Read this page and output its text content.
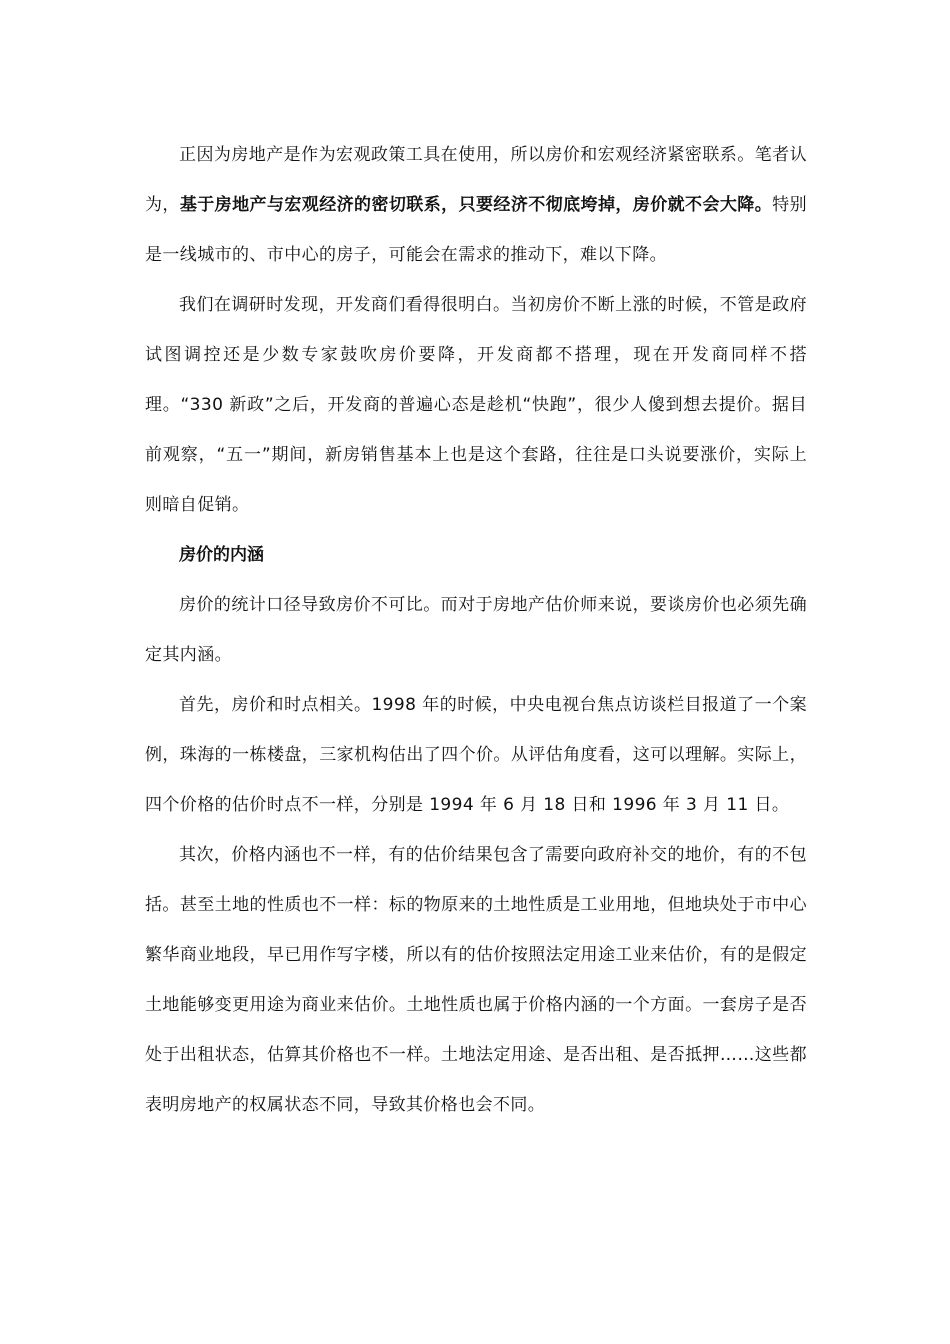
正因为房地产是作为宏观政策工具在使用，所以房价和宏观经济紧密联系。笔者认为，基于房地产与宏观经济的密切联系，只要经济不彻底垮掉，房价就不会大降。特别是一线城市的、市中心的房子，可能会在需求的推动下，难以下降。

我们在调研时发现，开发商们看得很明白。当初房价不断上涨的时候，不管是政府试图调控还是少数专家鼓吹房价要降，开发商都不搭理，现在开发商同样不搭理。“330 新政”之后，开发商的普遍心态是趁机“快跑”，很少人傻到想去提价。据目前观察，“五一”期间，新房销售基本上也是这个套路，往往是口头说要涨价，实际上则暗自促销。

房价的内涵

房价的统计口径导致房价不可比。而对于房地产估价师来说，要谈房价也必须先确定其内涵。

首先，房价和时点相关。1998 年的时候，中央电视台焦点访谈栏目报道了一个案例，珠海的一栋楼盘，三家机构估出了四个价。从评估角度看，这可以理解。实际上，四个价格的估价时点不一样，分别是 1994 年 6 月 18 日和 1996 年 3 月 11 日。

其次，价格内涵也不一样，有的估价结果包含了需要向政府补交的地价，有的不包括。甚至土地的性质也不一样：标的物原来的土地性质是工业用地，但地块处于市中心繁华商业地段，早已用作写字楼，所以有的估价按照法定用途工业来估价，有的是假定土地能够变更用途为商业来估价。土地性质也属于价格内涵的一个方面。一套房子是否处于出租状态，估算其价格也不一样。土地法定用途、是否出租、是否抵押……这些都表明房地产的权属状态不同，导致其价格也会不同。
